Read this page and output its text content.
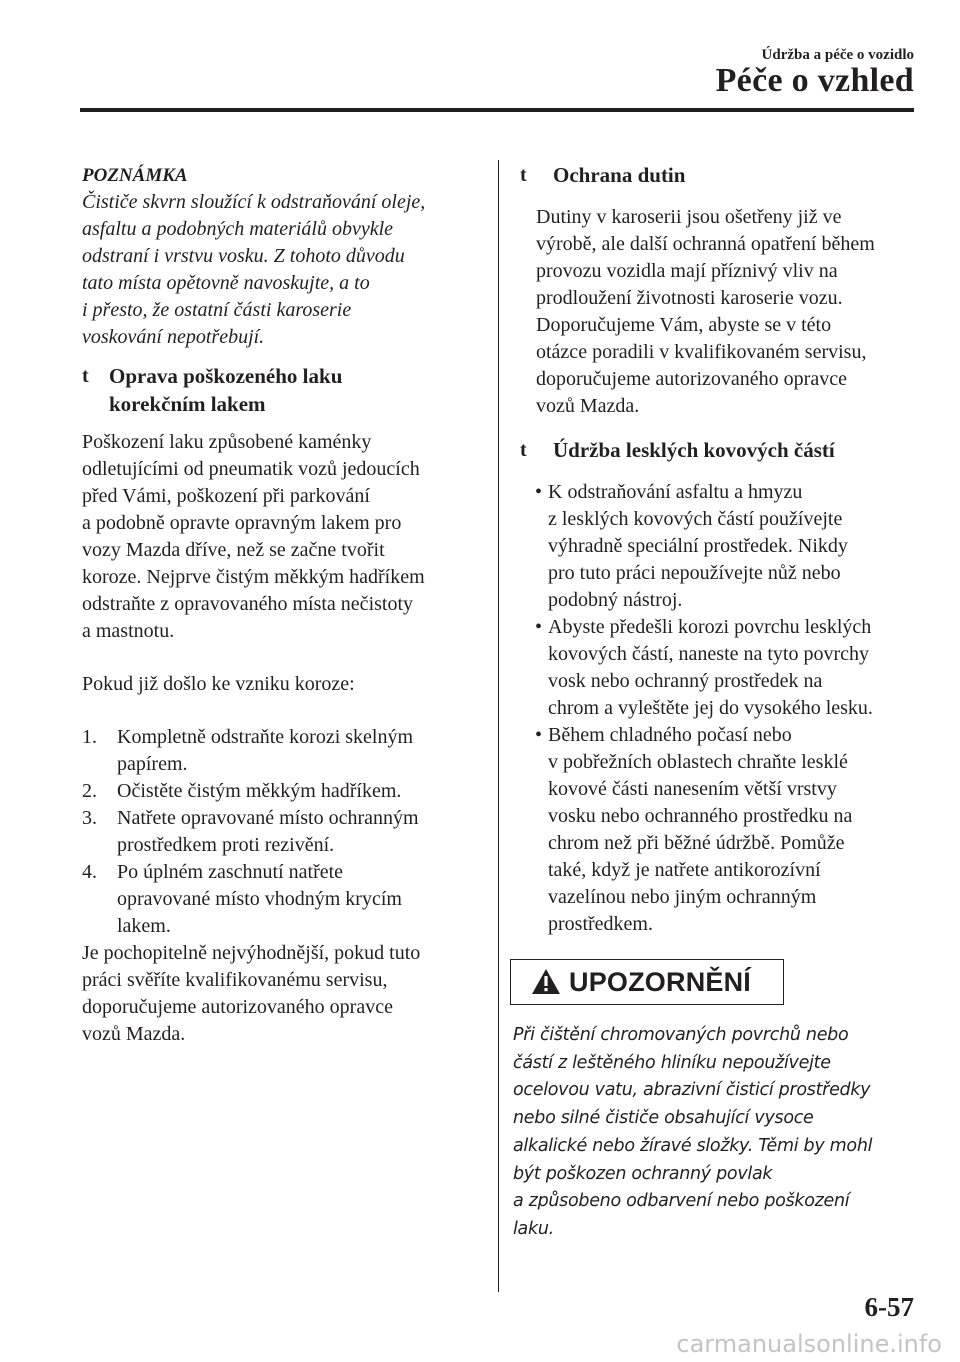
Údržba a péče o vozidlo
Péče o vzhled
POZNÁMKA
Čističe skvrn sloužící k odstraňování oleje,
asfaltu a podobných materiálů obvykle
odstraní i vrstvu vosku. Z tohoto důvodu
tato místa opětovně navoskujte, a to
i přesto, že ostatní části karoserie
voskování nepotřebují.
t Oprava poškozeného laku
korekčním lakem
Poškození laku způsobené kaménky
odletujícími od pneumatik vozů jedoucích
před Vámi, poškození při parkování
a podobně opravte opravným lakem pro
vozy Mazda dříve, než se začne tvořit
koroze. Nejprve čistým měkkým hadříkem
odstraňte z opravovaného místa nečistoty
a mastnotu.

Pokud již došlo ke vzniku koroze:

1. Kompletně odstraňte korozi skelným
papírem.
2. Očistěte čistým měkkým hadříkem.
3. Natřete opravované místo ochranným
prostředkem proti rezivění.
4. Po úplném zaschnutí natřete
opravované místo vhodným krycím
lakem.
Je pochopitelně nejvýhodnější, pokud tuto
práci svěříte kvalifikovanému servisu,
doporučujeme autorizovaného opravce
vozů Mazda.
t Ochrana dutin
Dutiny v karoserii jsou ošetřeny již ve
výrobě, ale další ochranná opatření během
provozu vozidla mají příznivý vliv na
prodloužení životnosti karoserie vozu.
Doporučujeme Vám, abyste se v této
otázce poradili v kvalifikovaném servisu,
doporučujeme autorizovaného opravce
vozů Mazda.
t Údržba lesklých kovových částí
• K odstraňování asfaltu a hmyzu
z lesklých kovových částí používejte
výhradně speciální prostředek. Nikdy
pro tuto práci nepoužívejte nůž nebo
podobný nástroj.
• Abyste předešli korozi povrchu lesklých
kovových částí, naneste na tyto povrchy
vosk nebo ochranný prostředek na
chrom a vyleštěte jej do vysokého lesku.
• Během chladného počasí nebo
v pobřežních oblastech chraňte lesklé
kovové části nanesením větší vrstvy
vosku nebo ochranného prostředku na
chrom než při běžné údržbě. Pomůže
také, když je natřete antikorozívní
vazelínou nebo jiným ochranným
prostředkem.
UPOZORNĚNÍ
Při čištění chromovaných povrchů nebo
částí z leštěného hliníku nepoužívejte
ocelovou vatu, abrazivní čisticí prostředky
nebo silné čističe obsahující vysoce
alkalické nebo žíravé složky. Těmi by mohl
být poškozen ochranný povlak
a způsobeno odbarvení nebo poškození
laku.
6-57
carmanualsonline.info
